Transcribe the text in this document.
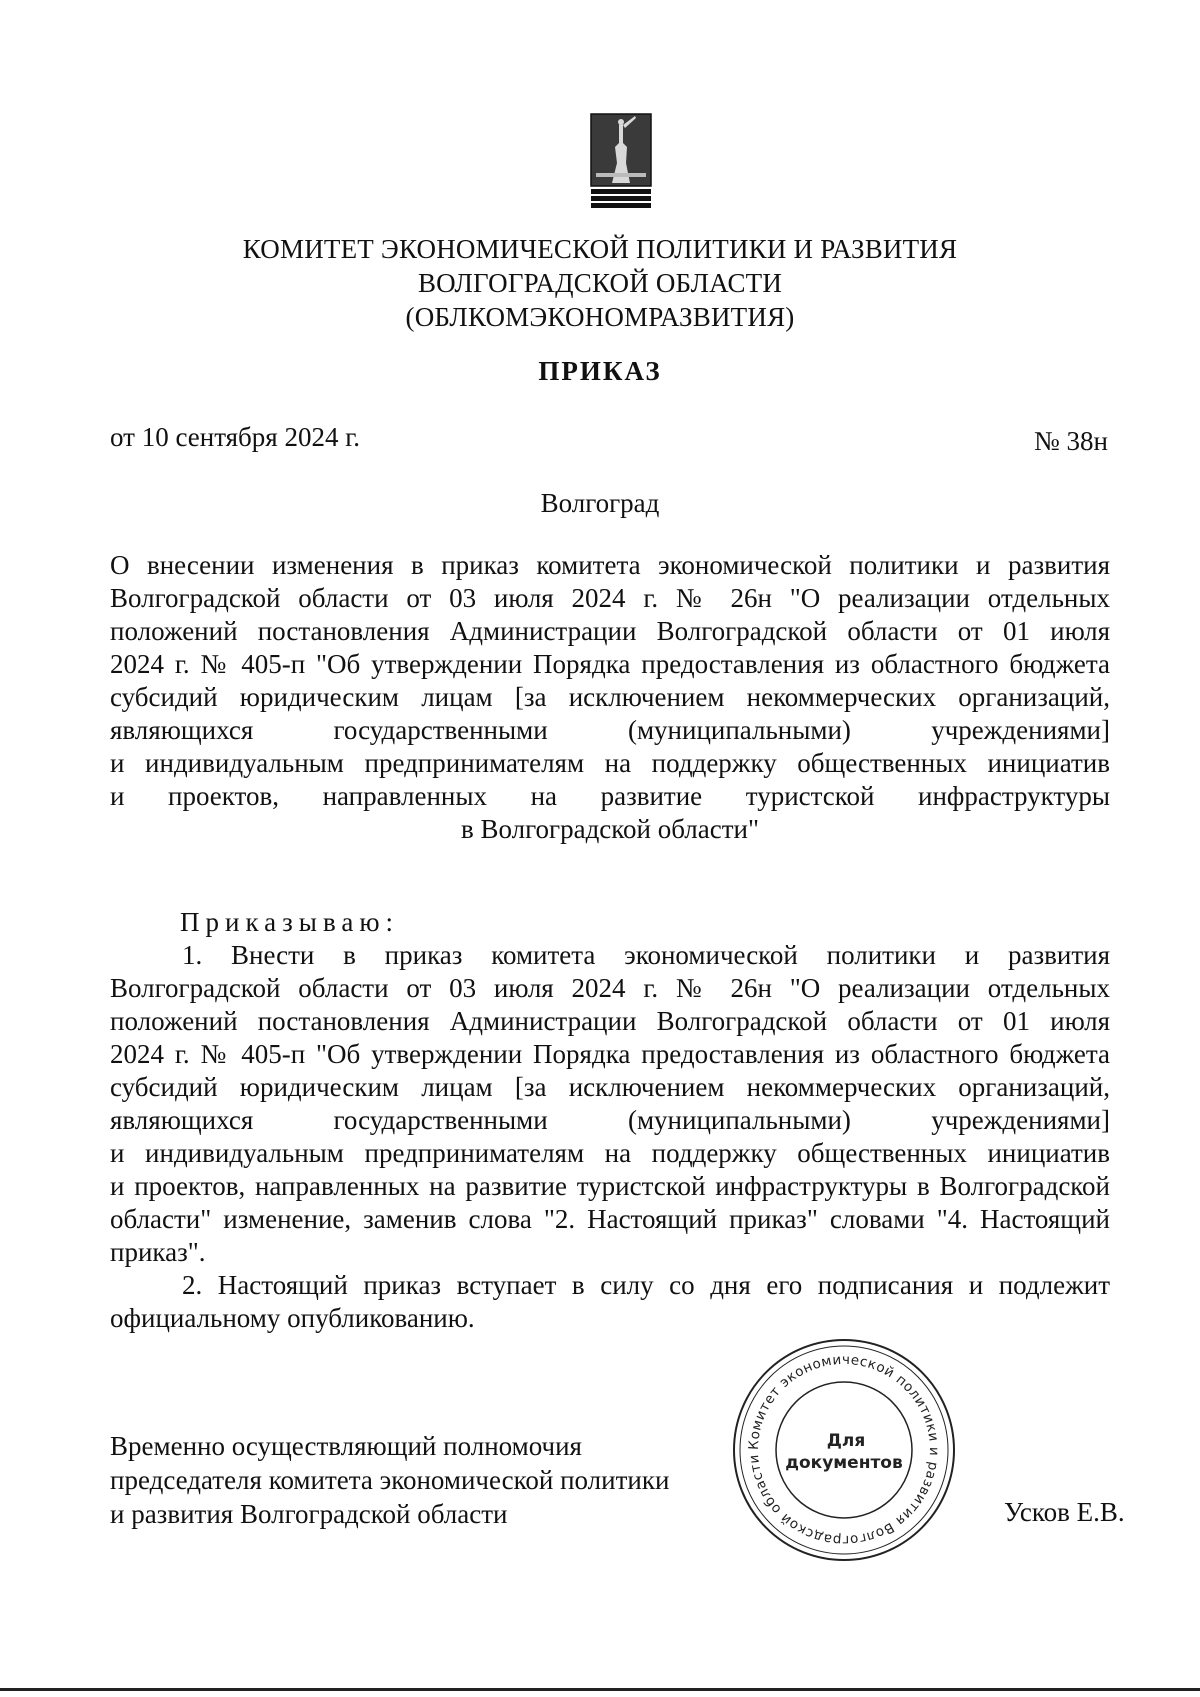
КОМИТЕТ ЭКОНОМИЧЕСКОЙ ПОЛИТИКИ И РАЗВИТИЯ
ВОЛГОГРАДСКОЙ ОБЛАСТИ
(ОБЛКОМЭКОНОМРАЗВИТИЯ)
ПРИКАЗ
от 10 сентября 2024 г.	№ 38н
Волгоград
О внесении изменения в приказ комитета экономической политики и развития
Волгоградской области от 03 июля 2024 г. № 26н "О реализации отдельных
положений постановления Администрации Волгоградской области от 01 июля
2024 г. № 405-п "Об утверждении Порядка предоставления из областного бюджета
субсидий юридическим лицам [за исключением некоммерческих организаций,
являющихся государственными (муниципальными) учреждениями]
и индивидуальным предпринимателям на поддержку общественных инициатив
и проектов, направленных на развитие туристской инфраструктуры
в Волгоградской области"
Приказываю:
1. Внести в приказ комитета экономической политики и развития
Волгоградской области от 03 июля 2024 г. № 26н "О реализации отдельных
положений постановления Администрации Волгоградской области от 01 июля
2024 г. № 405-п "Об утверждении Порядка предоставления из областного бюджета
субсидий юридическим лицам [за исключением некоммерческих организаций,
являющихся государственными (муниципальными) учреждениями]
и индивидуальным предпринимателям на поддержку общественных инициатив
и проектов, направленных на развитие туристской инфраструктуры в Волгоградской
области" изменение, заменив слова "2. Настоящий приказ" словами "4. Настоящий
приказ".
2. Настоящий приказ вступает в силу со дня его подписания и подлежит
официальному опубликованию.
Временно осуществляющий полномочия
председателя комитета экономической политики
и развития Волгоградской области	Усков Е.В.
Комитет экономической политики и развития Волгоградской области
Для
документов
